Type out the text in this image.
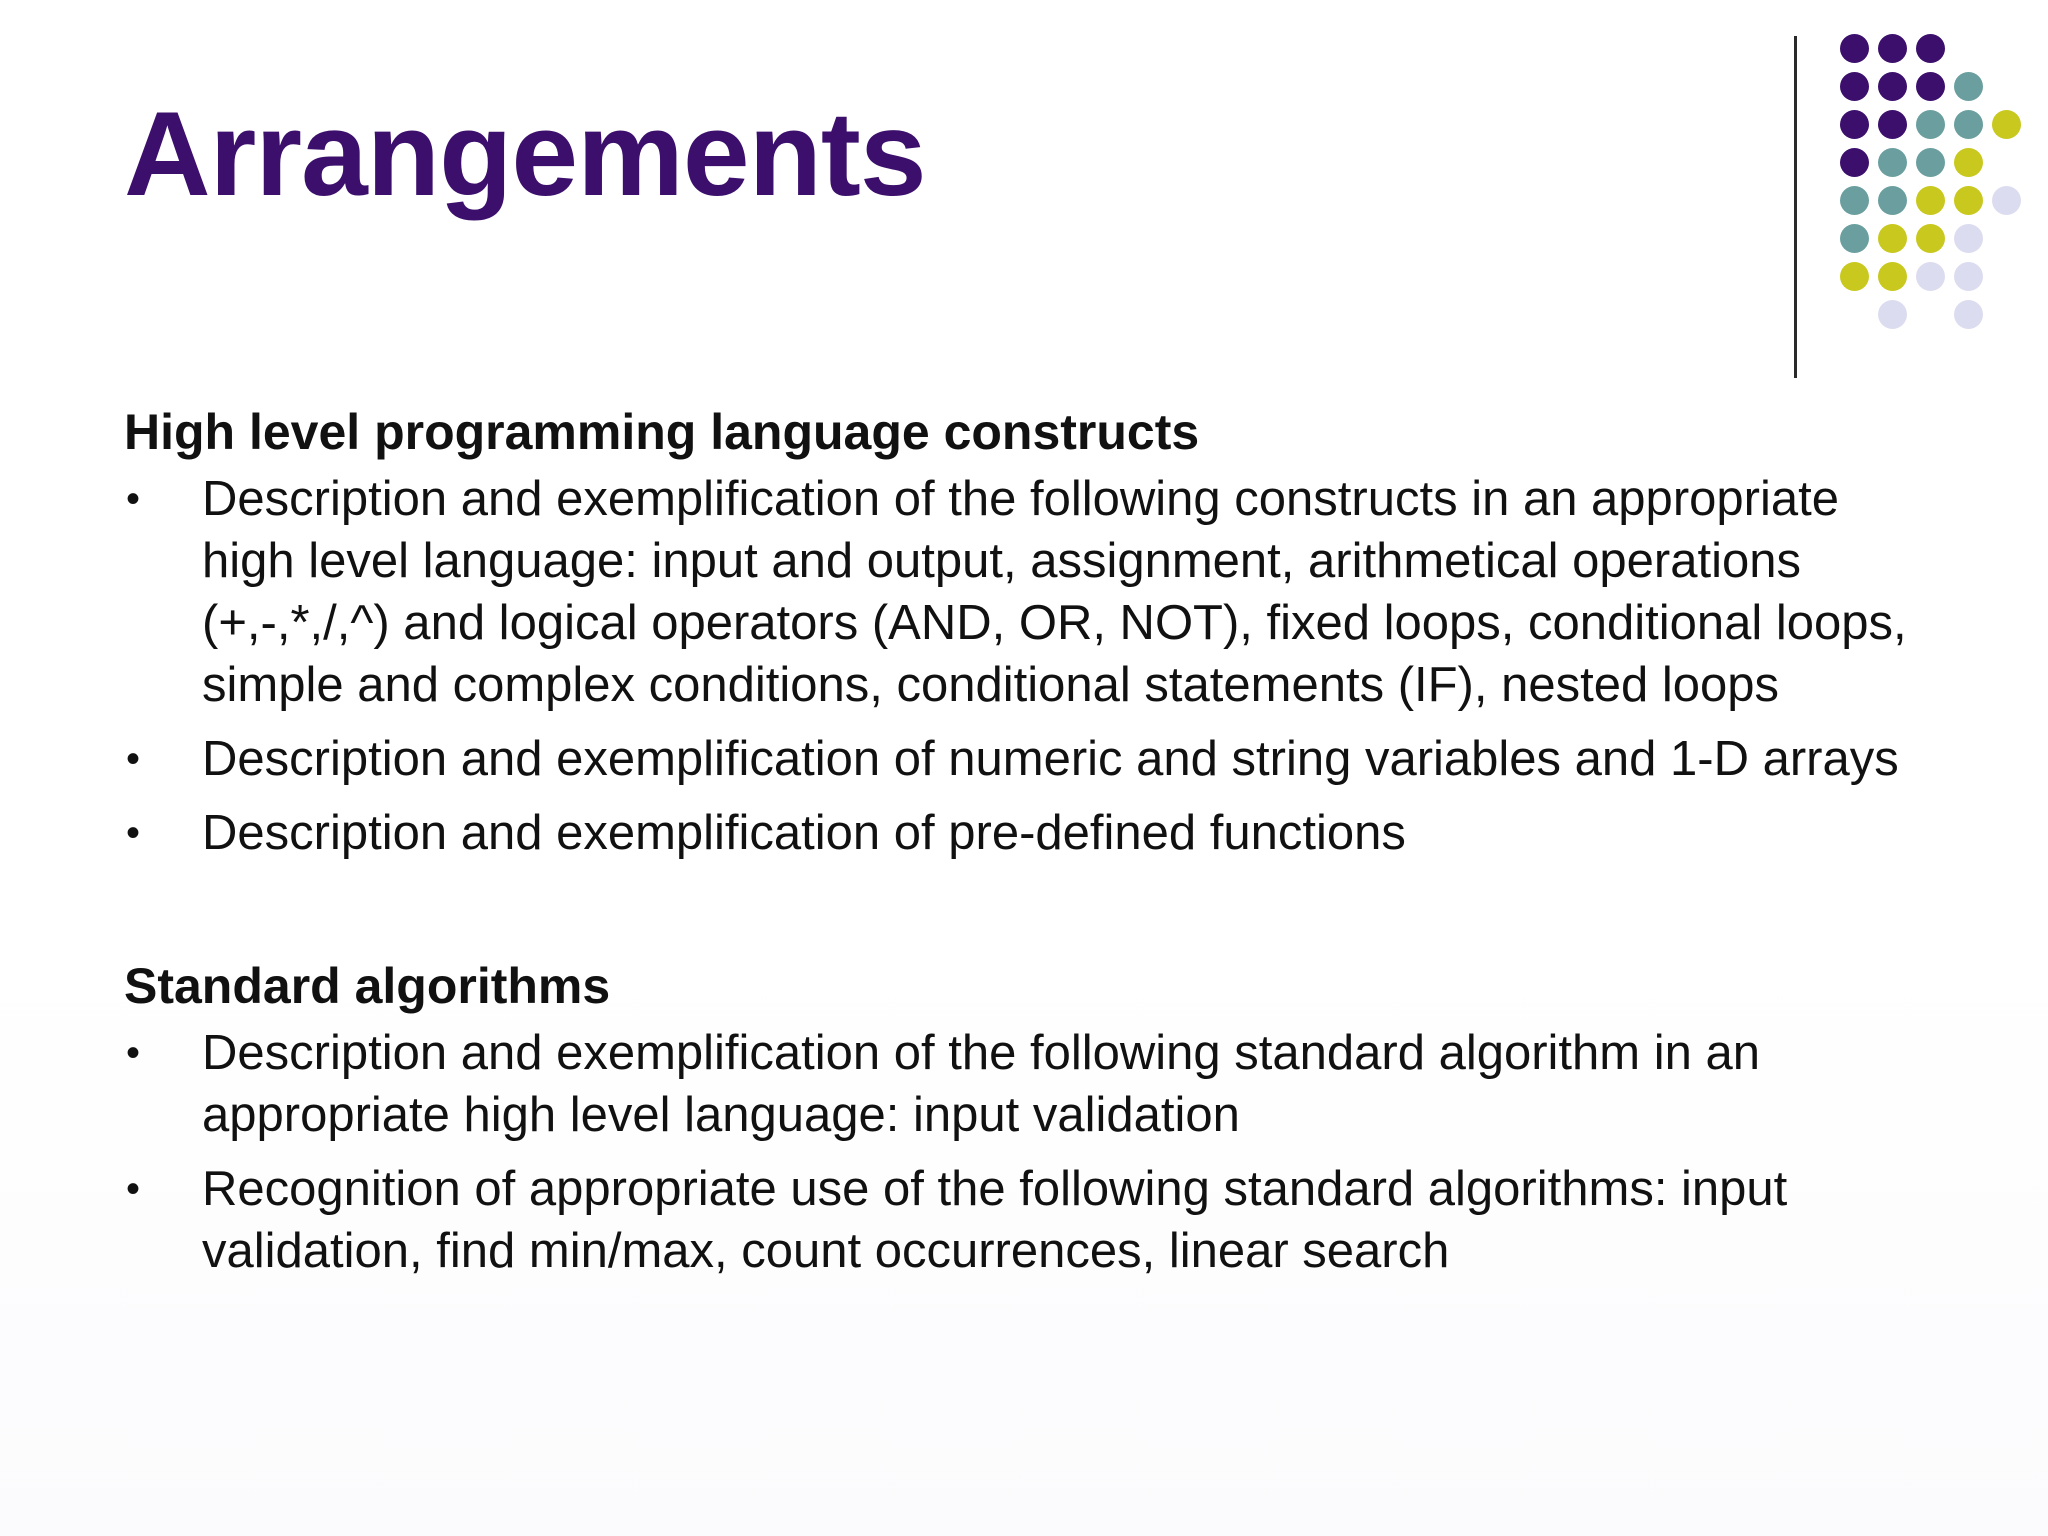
Arrangements
High level programming language constructs
•	Description and exemplification of the following constructs in an appropriate high level language: input and output, assignment, arithmetical operations (+,-,*,/,^) and logical operators (AND, OR, NOT), fixed loops, conditional loops, simple and complex conditions, conditional statements (IF), nested loops
•	Description and exemplification of numeric and string variables and 1-D arrays
•	Description and exemplification of pre-defined functions
Standard algorithms
•	Description and exemplification of the following standard algorithm in an appropriate high level language: input validation
•	Recognition of appropriate use of the following standard algorithms: input validation, find min/max, count occurrences, linear search
